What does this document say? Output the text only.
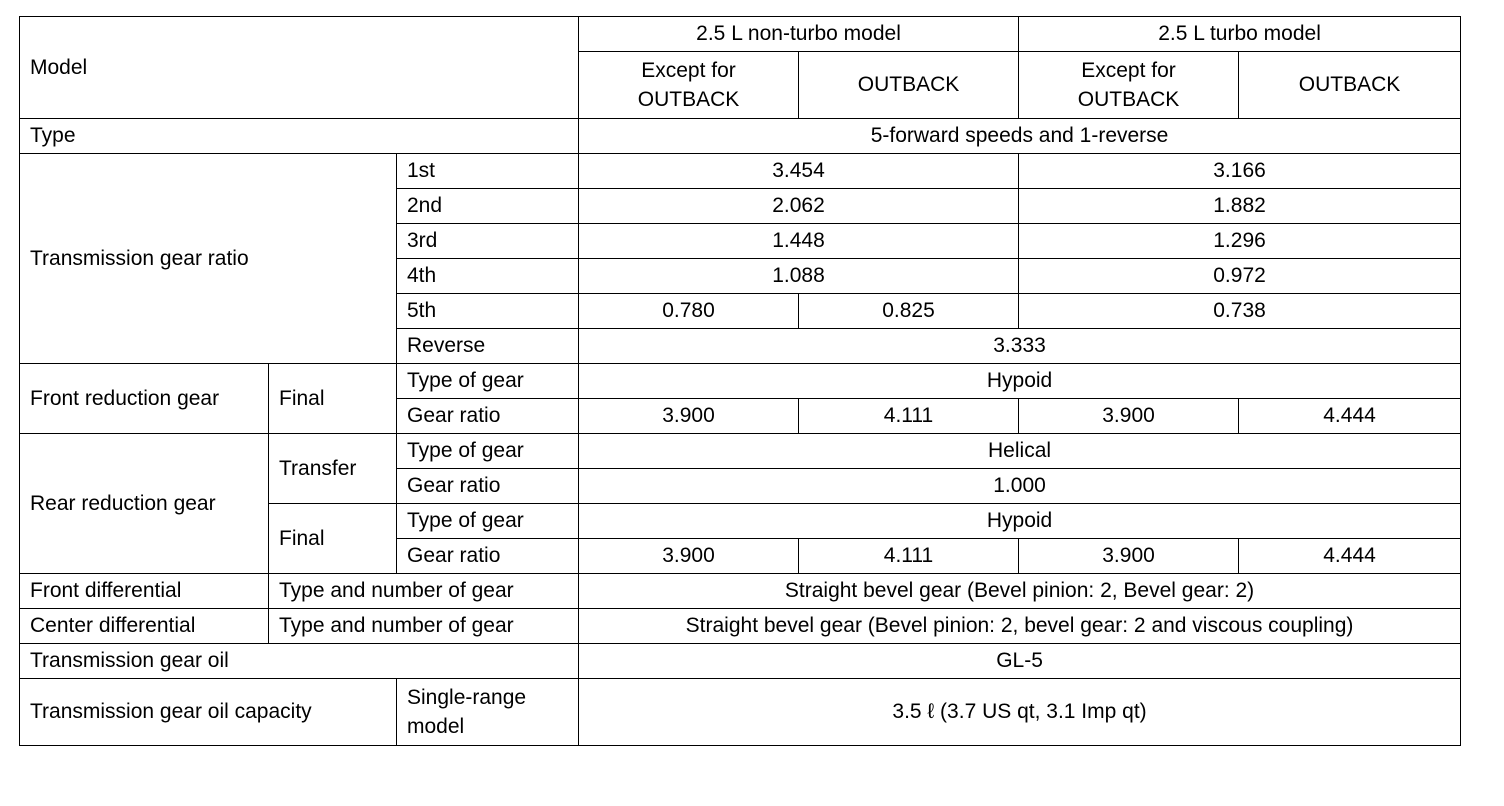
Model			2.5 L non-turbo model		2.5 L turbo model	
			Except for OUTBACK	OUTBACK	Except for OUTBACK	OUTBACK
Type			5-forward speeds and 1-reverse			
Transmission gear ratio		1st	3.454		3.166	
		2nd	2.062		1.882	
		3rd	1.448		1.296	
		4th	1.088		0.972	
		5th	0.780	0.825	0.738	
		Reverse	3.333			
Front reduction gear	Final	Type of gear	Hypoid			
		Gear ratio	3.900	4.111	3.900	4.444
Rear reduction gear	Transfer	Type of gear	Helical			
		Gear ratio	1.000			
	Final	Type of gear	Hypoid			
		Gear ratio	3.900	4.111	3.900	4.444
Front differential	Type and number of gear		Straight bevel gear (Bevel pinion: 2, Bevel gear: 2)			
Center differential	Type and number of gear		Straight bevel gear (Bevel pinion: 2, bevel gear: 2 and viscous coupling)			
Transmission gear oil			GL-5			
Transmission gear oil capacity		Single-range model	3.5 ℓ (3.7 US qt, 3.1 Imp qt)			
